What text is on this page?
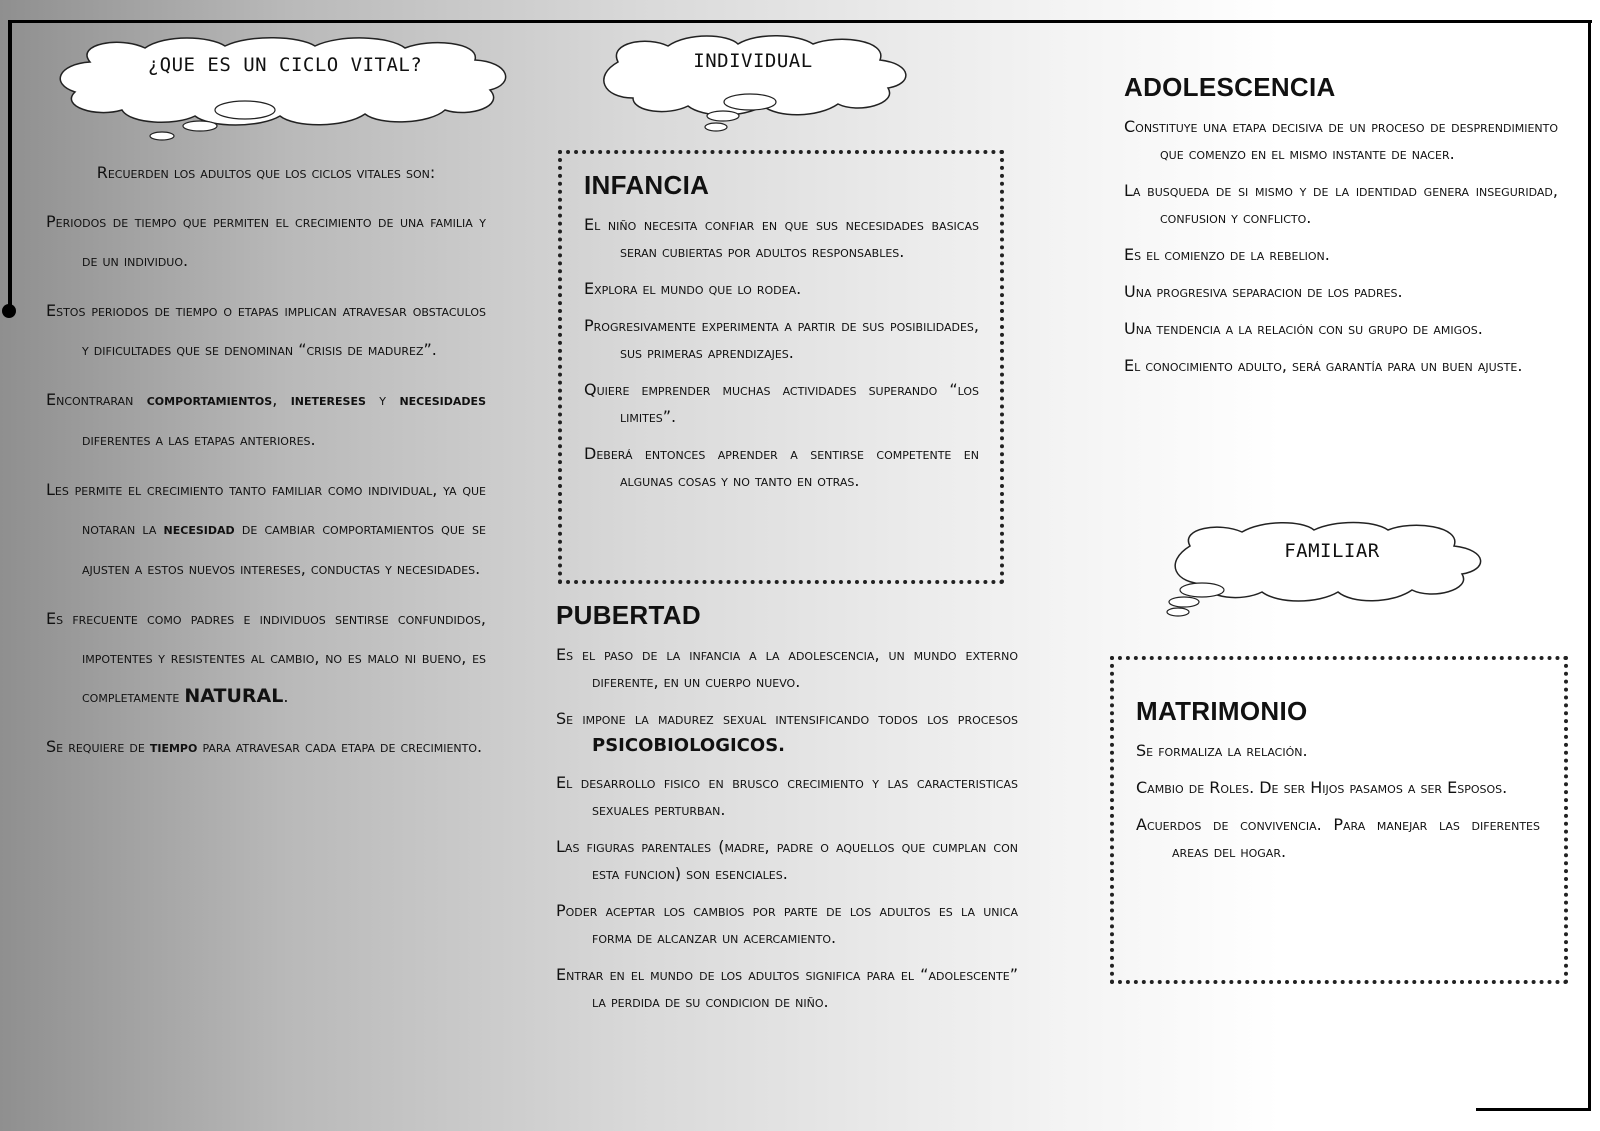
¿QUE ES UN CICLO VITAL?	INDIVIDUAL
FAMILIAR
Recuerden los adultos que los ciclos vitales son:
Periodos de tiempo que permiten el crecimiento de una familia y de un individuo.
Estos periodos de tiempo o etapas implican atravesar obstaculos y dificultades que se denominan “crisis de madurez”.
Encontraran comportamientos, inetereses y necesidades diferentes a las etapas anteriores.
Les permite el crecimiento tanto familiar como individual, ya que notaran la necesidad de cambiar comportamientos que se ajusten a estos nuevos intereses, conductas y necesidades.
Es frecuente como padres e individuos sentirse confundidos, impotentes y resistentes al cambio, no es malo ni bueno, es completamente NATURAL.
Se requiere de tiempo para atravesar cada etapa de crecimiento.
INFANCIA
El niño necesita confiar en que sus necesidades basicas seran cubiertas por adultos responsables.
Explora el mundo que lo rodea.
Progresivamente experimenta a partir de sus posibilidades, sus primeras aprendizajes.
Quiere emprender muchas actividades superando “los limites”.
Deberá entonces aprender a sentirse competente en algunas cosas y no tanto en otras.
PUBERTAD
Es el paso de la infancia a la adolescencia, un mundo externo diferente, en un cuerpo nuevo.
Se impone la madurez sexual intensificando todos los procesos PSICOBIOLOGICOS.
El desarrollo fisico en brusco crecimiento y las caracteristicas sexuales perturban.
Las figuras parentales (madre, padre o aquellos que cumplan con esta funcion) son esenciales.
Poder aceptar los cambios por parte de los adultos es la unica forma de alcanzar un acercamiento.
Entrar en el mundo de los adultos significa para el “adolescente” la perdida de su condicion de niño.
ADOLESCENCIA
Constituye una etapa decisiva de un proceso de desprendimiento que comenzo en el mismo instante de nacer.
La busqueda de si mismo y de la identidad genera inseguridad, confusion y conflicto.
Es el comienzo de la rebelion.
Una progresiva separacion de los padres.
Una tendencia a la relación con su grupo de amigos.
El conocimiento adulto, será garantía para un buen ajuste.
MATRIMONIO
Se formaliza la relación.
Cambio de Roles. De ser Hijos pasamos a ser Esposos.
Acuerdos de convivencia. Para manejar las diferentes areas del hogar.
